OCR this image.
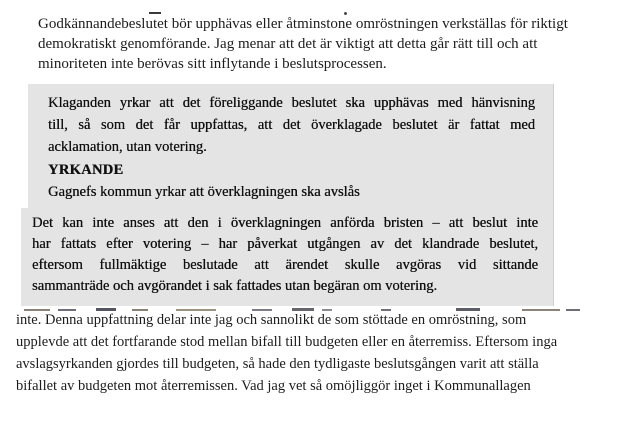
Godkännandebeslutet bör upphävas eller åtminstone omröstningen verkställas för riktigt
demokratiskt genomförande. Jag menar att det är viktigt att detta går rätt till och att
minoriteten inte berövas sitt inflytande i beslutsprocessen.
Klaganden yrkar att det föreliggande beslutet ska upphävas med hänvisning
till, så som det får uppfattas, att det överklagade beslutet är fattat med
acklamation, utan votering.
YRKANDE
Gagnefs kommun yrkar att överklagningen ska avslås
Det kan inte anses att den i överklagningen anförda bristen – att beslut inte
har fattats efter votering – har påverkat utgången av det klandrade beslutet,
eftersom fullmäktige beslutade att ärendet skulle avgöras vid sittande
sammanträde och avgörandet i sak fattades utan begäran om votering.
inte. Denna uppfattning delar inte jag och sannolikt de som stöttade en omröstning, som
upplevde att det fortfarande stod mellan bifall till budgeten eller en återremiss. Eftersom inga
avslagsyrkanden gjordes till budgeten, så hade den tydligaste beslutsgången varit att ställa
bifallet av budgeten mot återremissen. Vad jag vet så omöjliggör inget i Kommunallagen
